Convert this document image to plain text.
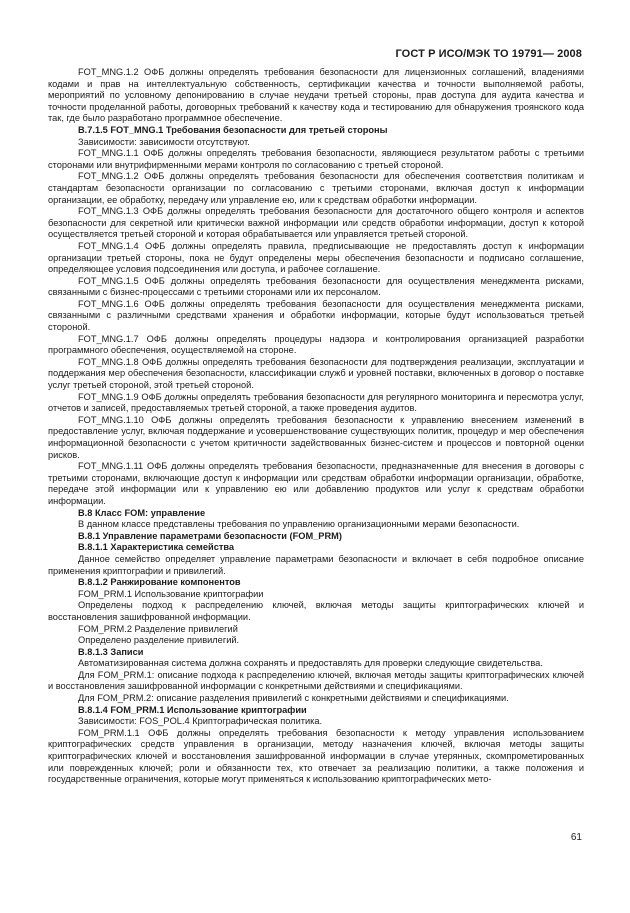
ГОСТ Р ИСО/МЭК ТО 19791— 2008

FOT_MNG.1.2 ОФБ должны определять требования безопасности для лицензионных соглашений, владениями кодами и прав на интеллектуальную собственность, сертификации качества и точности выполняемой работы, мероприятий по условному депонированию в случае неудачи третьей стороны, прав доступа для аудита качества и точности проделанной работы, договорных требований к качеству кода и тестированию для обнаружения троянского кода так, где было разработано программное обеспечение.

B.7.1.5 FOT_MNG.1 Требования безопасности для третьей стороны

Зависимости: зависимости отсутствуют.

FOT_MNG.1.1 ОФБ должны определять требования безопасности, являющиеся результатом работы с третьими сторонами или внутрифирменными мерами контроля по согласованию с третьей стороной.

FOT_MNG.1.2 ОФБ должны определять требования безопасности для обеспечения соответствия политикам и стандартам безопасности организации по согласованию с третьими сторонами, включая доступ к информации организации, ее обработку, передачу или управление ею, или к средствам обработки информации.

FOT_MNG.1.3 ОФБ должны определять требования безопасности для достаточного общего контроля и аспектов безопасности для секретной или критически важной информации или средств обработки информации, доступ к которой осуществляется третьей стороной и которая обрабатывается или управляется третьей стороной.

FOT_MNG.1.4 ОФБ должны определять правила, предписывающие не предоставлять доступ к информации организации третьей стороны, пока не будут определены меры обеспечения безопасности и подписано соглашение, определяющее условия подсоединения или доступа, и рабочее соглашение.

FOT_MNG.1.5 ОФБ должны определять требования безопасности для осуществления менеджмента рисками, связанными с бизнес-процессами с третьими сторонами или их персоналом.

FOT_MNG.1.6 ОФБ должны определять требования безопасности для осуществления менеджмента рисками, связанными с различными средствами хранения и обработки информации, которые будут использоваться третьей стороной.

FOT_MNG.1.7 ОФБ должны определять процедуры надзора и контролирования организацией разработки программного обеспечения, осуществляемой на стороне.

FOT_MNG.1.8 ОФБ должны определять требования безопасности для подтверждения реализации, эксплуатации и поддержания мер обеспечения безопасности, классификации служб и уровней поставки, включенных в договор о поставке услуг третьей стороной, этой третьей стороной.

FOT_MNG.1.9 ОФБ должны определять требования безопасности для регулярного мониторинга и пересмотра услуг, отчетов и записей, предоставляемых третьей стороной, а также проведения аудитов.

FOT_MNG.1.10 ОФБ должны определять требования безопасности к управлению внесением изменений в предоставление услуг, включая поддержание и усовершенствование существующих политик, процедур и мер обеспечения информационной безопасности с учетом критичности задействованных бизнес-систем и процессов и повторной оценки рисков.

FOT_MNG.1.11 ОФБ должны определять требования безопасности, предназначенные для внесения в договоры с третьими сторонами, включающие доступ к информации или средствам обработки информации организации, обработке, передаче этой информации или к управлению ею или добавлению продуктов или услуг к средствам обработки информации.

B.8 Класс FOM: управление

В данном классе представлены требования по управлению организационными мерами безопасности.

B.8.1 Управление параметрами безопасности (FOM_PRM)

B.8.1.1 Характеристика семейства

Данное семейство определяет управление параметрами безопасности и включает в себя подробное описание применения криптографии и привилегий.

B.8.1.2 Ранжирование компонентов

FOM_PRM.1 Использование криптографии

Определены подход к распределению ключей, включая методы защиты криптографических ключей и восстановления зашифрованной информации.

FOM_PRM.2 Разделение привилегий

Определено разделение привилегий.

B.8.1.3 Записи

Автоматизированная система должна сохранять и предоставлять для проверки следующие свидетельства.

Для FOM_PRM.1: описание подхода к распределению ключей, включая методы защиты криптографических ключей и восстановления зашифрованной информации с конкретными действиями и спецификациями.

Для FOM_PRM.2: описание разделения привилегий с конкретными действиями и спецификациями.

B.8.1.4 FOM_PRM.1 Использование криптографии

Зависимости: FOS_POL.4 Криптографическая политика.

FOM_PRM.1.1 ОФБ должны определять требования безопасности к методу управления использованием криптографических средств управления в организации, методу назначения ключей, включая методы защиты криптографических ключей и восстановления зашифрованной информации в случае утерянных, скомпрометированных или поврежденных ключей; роли и обязанности тех, кто отвечает за реализацию политики, а также положения и государственные ограничения, которые могут применяться к использованию криптографических мето-

61
